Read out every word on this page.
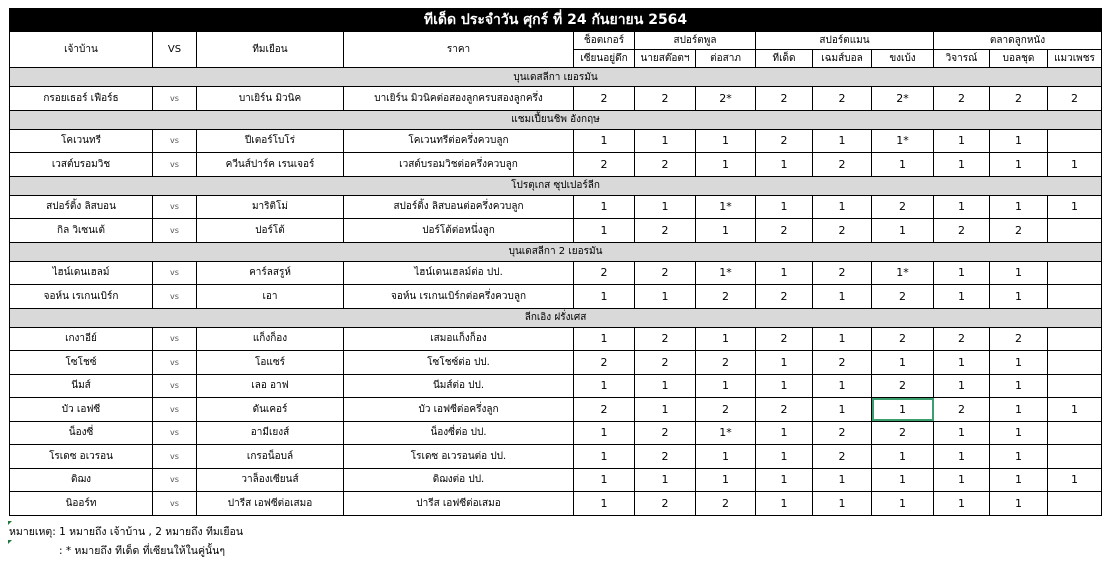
ทีเด็ด ประจำวัน ศุกร์ ที่ 24 กันยายน 2564												
เจ้าบ้าน	VS	ทีมเยือน	ราคา	ช็อตเกอร์	สปอร์ตพูล		สปอร์ตแมน			ตลาดลูกหนัง		
				เซียนอยู่ดึก	นายสต๊อตฯ	ต่อสาภ	ทีเด็ด	เฉมส์บอล	ขงเบ้ง	วิจารณ์	บอลชุด	แมวเพชร
บุนเดสลีกา เยอรมัน												
กรอยเธอร์ เฟือร์ธ	vs	บาเยิร์น มิวนิค	บาเยิร์น มิวนิคต่อสองลูกครบสองลูกครึ่ง	2	2	2*	2	2	2*	2	2	2
แชมเปี้ยนชิพ อังกฤษ												
โคเวนทรี	vs	ปีเตอร์โบโร่	โคเวนทรีต่อครึ่งควบลูก	1	1	1	2	1	1*	1	1	
เวสต์บรอมวิช	vs	ควีนส์ปาร์ค เรนเจอร์	เวสต์บรอมวิชต่อครึ่งควบลูก	2	2	1	1	2	1	1	1	1
โปรตุเกส ซุปเปอร์ลีก												
สปอร์ติ้ง ลิสบอน	vs	มาริติโม่	สปอร์ติ้ง ลิสบอนต่อครึ่งควบลูก	1	1	1*	1	1	2	1	1	1
กิล วิเซนเต้	vs	ปอร์โต้	ปอร์โต้ต่อหนึ่งลูก	1	2	1	2	2	1	2	2	
บุนเดสลีกา 2 เยอรมัน												
ไฮน์เดนเฮลม์	vs	คาร์ลสรูห์	ไฮน์เดนเฮลม์ต่อ ปป.	2	2	1*	1	2	1*	1	1	
จอห์น เรเกนเบิร์ก	vs	เอา	จอห์น เรเกนเบิร์กต่อครึ่งควบลูก	1	1	2	2	1	2	1	1	
ลีกเอิง ฝรั่งเศส												
เกงาอีย์	vs	แก็งก็อง	เสมอแก็งก็อง	1	2	1	2	1	2	2	2	
โซโชซ์	vs	โอแซร์	โซโชซ์ต่อ ปป.	2	2	2	1	2	1	1	1	
นีมส์	vs	เลอ อาฟ	นีมส์ต่อ ปป.	1	1	1	1	1	2	1	1	
บัว เอฟซี	vs	ดันเคอร์	บัว เอฟซีต่อครึ่งลูก	2	1	2	2	1	1	2	1	1
น็องซี่	vs	อามีเยงส์	น็องซี่ต่อ ปป.	1	2	1*	1	2	2	1	1	
โรเดซ อเวรอน	vs	เกรอน็อบล์	โรเดซ อเวรอนต่อ ปป.	1	2	1	1	2	1	1	1	
ดิฌง	vs	วาล็องเซียนส์	ดิฌงต่อ ปป.	1	1	1	1	1	1	1	1	1
นิออร์ท	vs	ปารีส เอฟซีต่อเสมอ	ปารีส เอฟซีต่อเสมอ	1	2	2	1	1	1	1	1	
หมายเหตุ: 1 หมายถึง เจ้าบ้าน , 2 หมายถึง ทีมเยือน
: * หมายถึง ทีเด็ด ที่เซียนให้ในคู่นั้นๆ
